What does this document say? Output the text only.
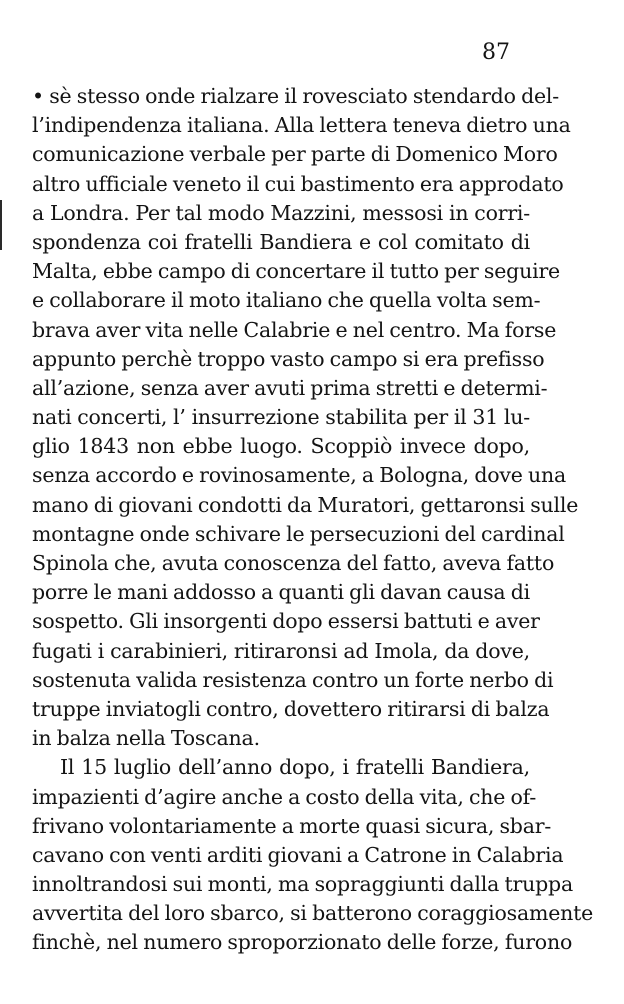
87
• sè stesso onde rialzare il rovesciato stendardo del-
l’indipendenza italiana. Alla lettera teneva dietro una
comunicazione verbale per parte di Domenico Moro
altro ufficiale veneto il cui bastimento era approdato
a Londra. Per tal modo Mazzini, messosi in corri-
spondenza coi fratelli Bandiera e col comitato di
Malta, ebbe campo di concertare il tutto per seguire
e collaborare il moto italiano che quella volta sem-
brava aver vita nelle Calabrie e nel centro. Ma forse
appunto perchè troppo vasto campo si era prefisso
all’azione, senza aver avuti prima stretti e determi-
nati concerti, l’ insurrezione stabilita per il 31 lu-
glio 1843 non ebbe luogo. Scoppiò invece dopo,
senza accordo e rovinosamente, a Bologna, dove una
mano di giovani condotti da Muratori, gettaronsi sulle
montagne onde schivare le persecuzioni del cardinal
Spinola che, avuta conoscenza del fatto, aveva fatto
porre le mani addosso a quanti gli davan causa di
sospetto. Gli insorgenti dopo essersi battuti e aver
fugati i carabinieri, ritiraronsi ad Imola, da dove,
sostenuta valida resistenza contro un forte nerbo di
truppe inviatogli contro, dovettero ritirarsi di balza
in balza nella Toscana.
Il 15 luglio dell’anno dopo, i fratelli Bandiera,
impazienti d’agire anche a costo della vita, che of-
frivano volontariamente a morte quasi sicura, sbar-
cavano con venti arditi giovani a Catrone in Calabria
innoltrandosi sui monti, ma sopraggiunti dalla truppa
avvertita del loro sbarco, si batterono coraggiosamente
finchè, nel numero sproporzionato delle forze, furono
